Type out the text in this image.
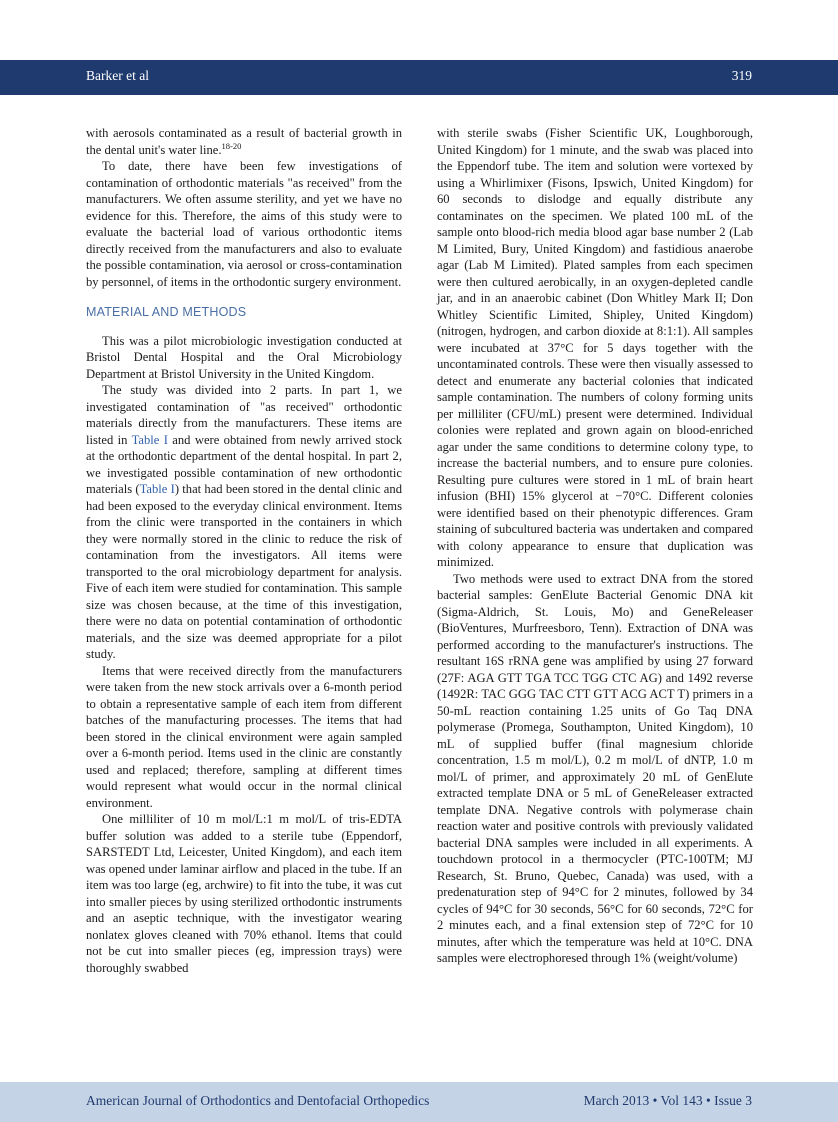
Barker et al	319

with aerosols contaminated as a result of bacterial growth in the dental unit's water line.$^{18-20}$

To date, there have been few investigations of contamination of orthodontic materials "as received" from the manufacturers. We often assume sterility, and yet we have no evidence for this. Therefore, the aims of this study were to evaluate the bacterial load of various orthodontic items directly received from the manufacturers and also to evaluate the possible contamination, via aerosol or cross-contamination by personnel, of items in the orthodontic surgery environment.

MATERIAL AND METHODS

This was a pilot microbiologic investigation conducted at Bristol Dental Hospital and the Oral Microbiology Department at Bristol University in the United Kingdom.

The study was divided into 2 parts. In part 1, we investigated contamination of "as received" orthodontic materials directly from the manufacturers. These items are listed in Table I and were obtained from newly arrived stock at the orthodontic department of the dental hospital. In part 2, we investigated possible contamination of new orthodontic materials (Table I) that had been stored in the dental clinic and had been exposed to the everyday clinical environment. Items from the clinic were transported in the containers in which they were normally stored in the clinic to reduce the risk of contamination from the investigators. All items were transported to the oral microbiology department for analysis. Five of each item were studied for contamination. This sample size was chosen because, at the time of this investigation, there were no data on potential contamination of orthodontic materials, and the size was deemed appropriate for a pilot study.

Items that were received directly from the manufacturers were taken from the new stock arrivals over a 6-month period to obtain a representative sample of each item from different batches of the manufacturing processes. The items that had been stored in the clinical environment were again sampled over a 6-month period. Items used in the clinic are constantly used and replaced; therefore, sampling at different times would represent what would occur in the normal clinical environment.

One milliliter of 10 m mol/L:1 m mol/L of tris-EDTA buffer solution was added to a sterile tube (Eppendorf, SARSTEDT Ltd, Leicester, United Kingdom), and each item was opened under laminar airflow and placed in the tube. If an item was too large (eg, archwire) to fit into the tube, it was cut into smaller pieces by using sterilized orthodontic instruments and an aseptic technique, with the investigator wearing nonlatex gloves cleaned with 70% ethanol. Items that could not be cut into smaller pieces (eg, impression trays) were thoroughly swabbed

with sterile swabs (Fisher Scientific UK, Loughborough, United Kingdom) for 1 minute, and the swab was placed into the Eppendorf tube. The item and solution were vortexed by using a Whirlimixer (Fisons, Ipswich, United Kingdom) for 60 seconds to dislodge and equally distribute any contaminates on the specimen. We plated 100 mL of the sample onto blood-rich media blood agar base number 2 (Lab M Limited, Bury, United Kingdom) and fastidious anaerobe agar (Lab M Limited). Plated samples from each specimen were then cultured aerobically, in an oxygen-depleted candle jar, and in an anaerobic cabinet (Don Whitley Mark II; Don Whitley Scientific Limited, Shipley, United Kingdom) (nitrogen, hydrogen, and carbon dioxide at 8:1:1). All samples were incubated at 37°C for 5 days together with the uncontaminated controls. These were then visually assessed to detect and enumerate any bacterial colonies that indicated sample contamination. The numbers of colony forming units per milliliter (CFU/mL) present were determined. Individual colonies were replated and grown again on blood-enriched agar under the same conditions to determine colony type, to increase the bacterial numbers, and to ensure pure colonies. Resulting pure cultures were stored in 1 mL of brain heart infusion (BHI) 15% glycerol at −70°C. Different colonies were identified based on their phenotypic differences. Gram staining of subcultured bacteria was undertaken and compared with colony appearance to ensure that duplication was minimized.

Two methods were used to extract DNA from the stored bacterial samples: GenElute Bacterial Genomic DNA kit (Sigma-Aldrich, St. Louis, Mo) and GeneReleaser (BioVentures, Murfreesboro, Tenn). Extraction of DNA was performed according to the manufacturer's instructions. The resultant 16S rRNA gene was amplified by using 27 forward (27F: AGA GTT TGA TCC TGG CTC AG) and 1492 reverse (1492R: TAC GGG TAC CTT GTT ACG ACT T) primers in a 50-mL reaction containing 1.25 units of Go Taq DNA polymerase (Promega, Southampton, United Kingdom), 10 mL of supplied buffer (final magnesium chloride concentration, 1.5 m mol/L), 0.2 m mol/L of dNTP, 1.0 m mol/L of primer, and approximately 20 mL of GenElute extracted template DNA or 5 mL of GeneReleaser extracted template DNA. Negative controls with polymerase chain reaction water and positive controls with previously validated bacterial DNA samples were included in all experiments. A touchdown protocol in a thermocycler (PTC-100TM; MJ Research, St. Bruno, Quebec, Canada) was used, with a predenaturation step of 94°C for 2 minutes, followed by 34 cycles of 94°C for 30 seconds, 56°C for 60 seconds, 72°C for 2 minutes each, and a final extension step of 72°C for 10 minutes, after which the temperature was held at 10°C. DNA samples were electrophoresed through 1% (weight/volume)

American Journal of Orthodontics and Dentofacial Orthopedics	March 2013 • Vol 143 • Issue 3
